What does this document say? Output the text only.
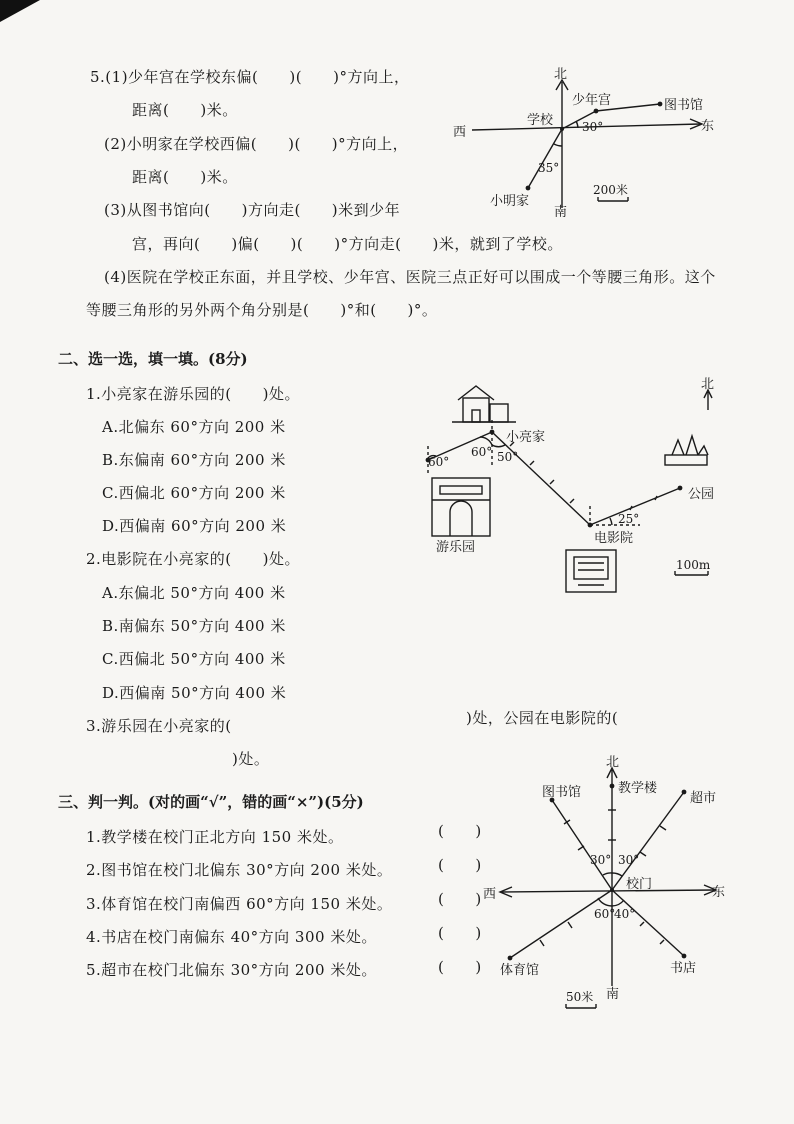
5.(1)少年宫在学校东偏(　　)(　　)°方向上，
距离(　　)米。
(2)小明家在学校西偏(　　)(　　)°方向上，
距离(　　)米。
(3)从图书馆向(　　)方向走(　　)米到少年
宫，再向(　　)偏(　　)(　　)°方向走(　　)米，就到了学校。
(4)医院在学校正东面，并且学校、少年宫、医院三点正好可以围成一个等腰三角形。这个
等腰三角形的另外两个角分别是(　　)°和(　　)°。
二、选一选，填一填。(8分)
1.小亮家在游乐园的(　　)处。
A.北偏东 60°方向 200 米
B.东偏南 60°方向 200 米
C.西偏北 60°方向 200 米
D.西偏南 60°方向 200 米
2.电影院在小亮家的(　　)处。
A.东偏北 50°方向 400 米
B.南偏东 50°方向 400 米
C.西偏北 50°方向 400 米
D.西偏南 50°方向 400 米
3.游乐园在小亮家的(	)处，公园在电影院的(
)处。
三、判一判。(对的画“√”，错的画“×”)(5分)
1.教学楼在校门正北方向 150 米处。
2.图书馆在校门北偏东 30°方向 200 米处。
3.体育馆在校门南偏西 60°方向 150 米处。
4.书店在校门南偏东 40°方向 300 米处。
5.超市在校门北偏东 30°方向 200 米处。
(　　)
(　　)
(　　)
(　　)
(　　)
北
南
西	东
学校
少年宫	图书馆
小明家
30°
35°
200米
北
小亮家
游乐园
电影院
公园
60°
60° 50°
25°
100m
北
南
西	东
教学楼
图书馆	超市
校门
体育馆	书店
30° 30°
60°
40°
50米
